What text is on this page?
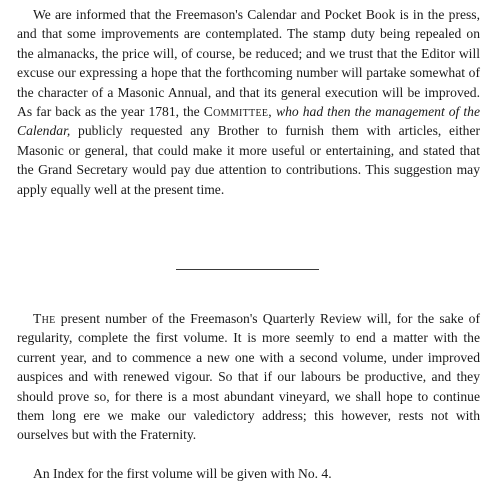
We are informed that the Freemason's Calendar and Pocket Book is in the press, and that some improvements are contemplated. The stamp duty being repealed on the almanacks, the price will, of course, be reduced; and we trust that the Editor will excuse our expressing a hope that the forthcoming number will partake somewhat of the character of a Masonic Annual, and that its general execution will be improved. As far back as the year 1781, the Committee, who had then the management of the Calendar, publicly requested any Brother to furnish them with articles, either Masonic or general, that could make it more useful or entertaining, and stated that the Grand Secretary would pay due attention to contributions. This suggestion may apply equally well at the present time.

The present number of the Freemason's Quarterly Review will, for the sake of regularity, complete the first volume. It is more seemly to end a matter with the current year, and to commence a new one with a second volume, under improved auspices and with renewed vigour. So that if our labours be productive, and they should prove so, for there is a most abundant vineyard, we shall hope to continue them long ere we make our valedictory address; this however, rests not with ourselves but with the Fraternity.

An Index for the first volume will be given with No. 4.
